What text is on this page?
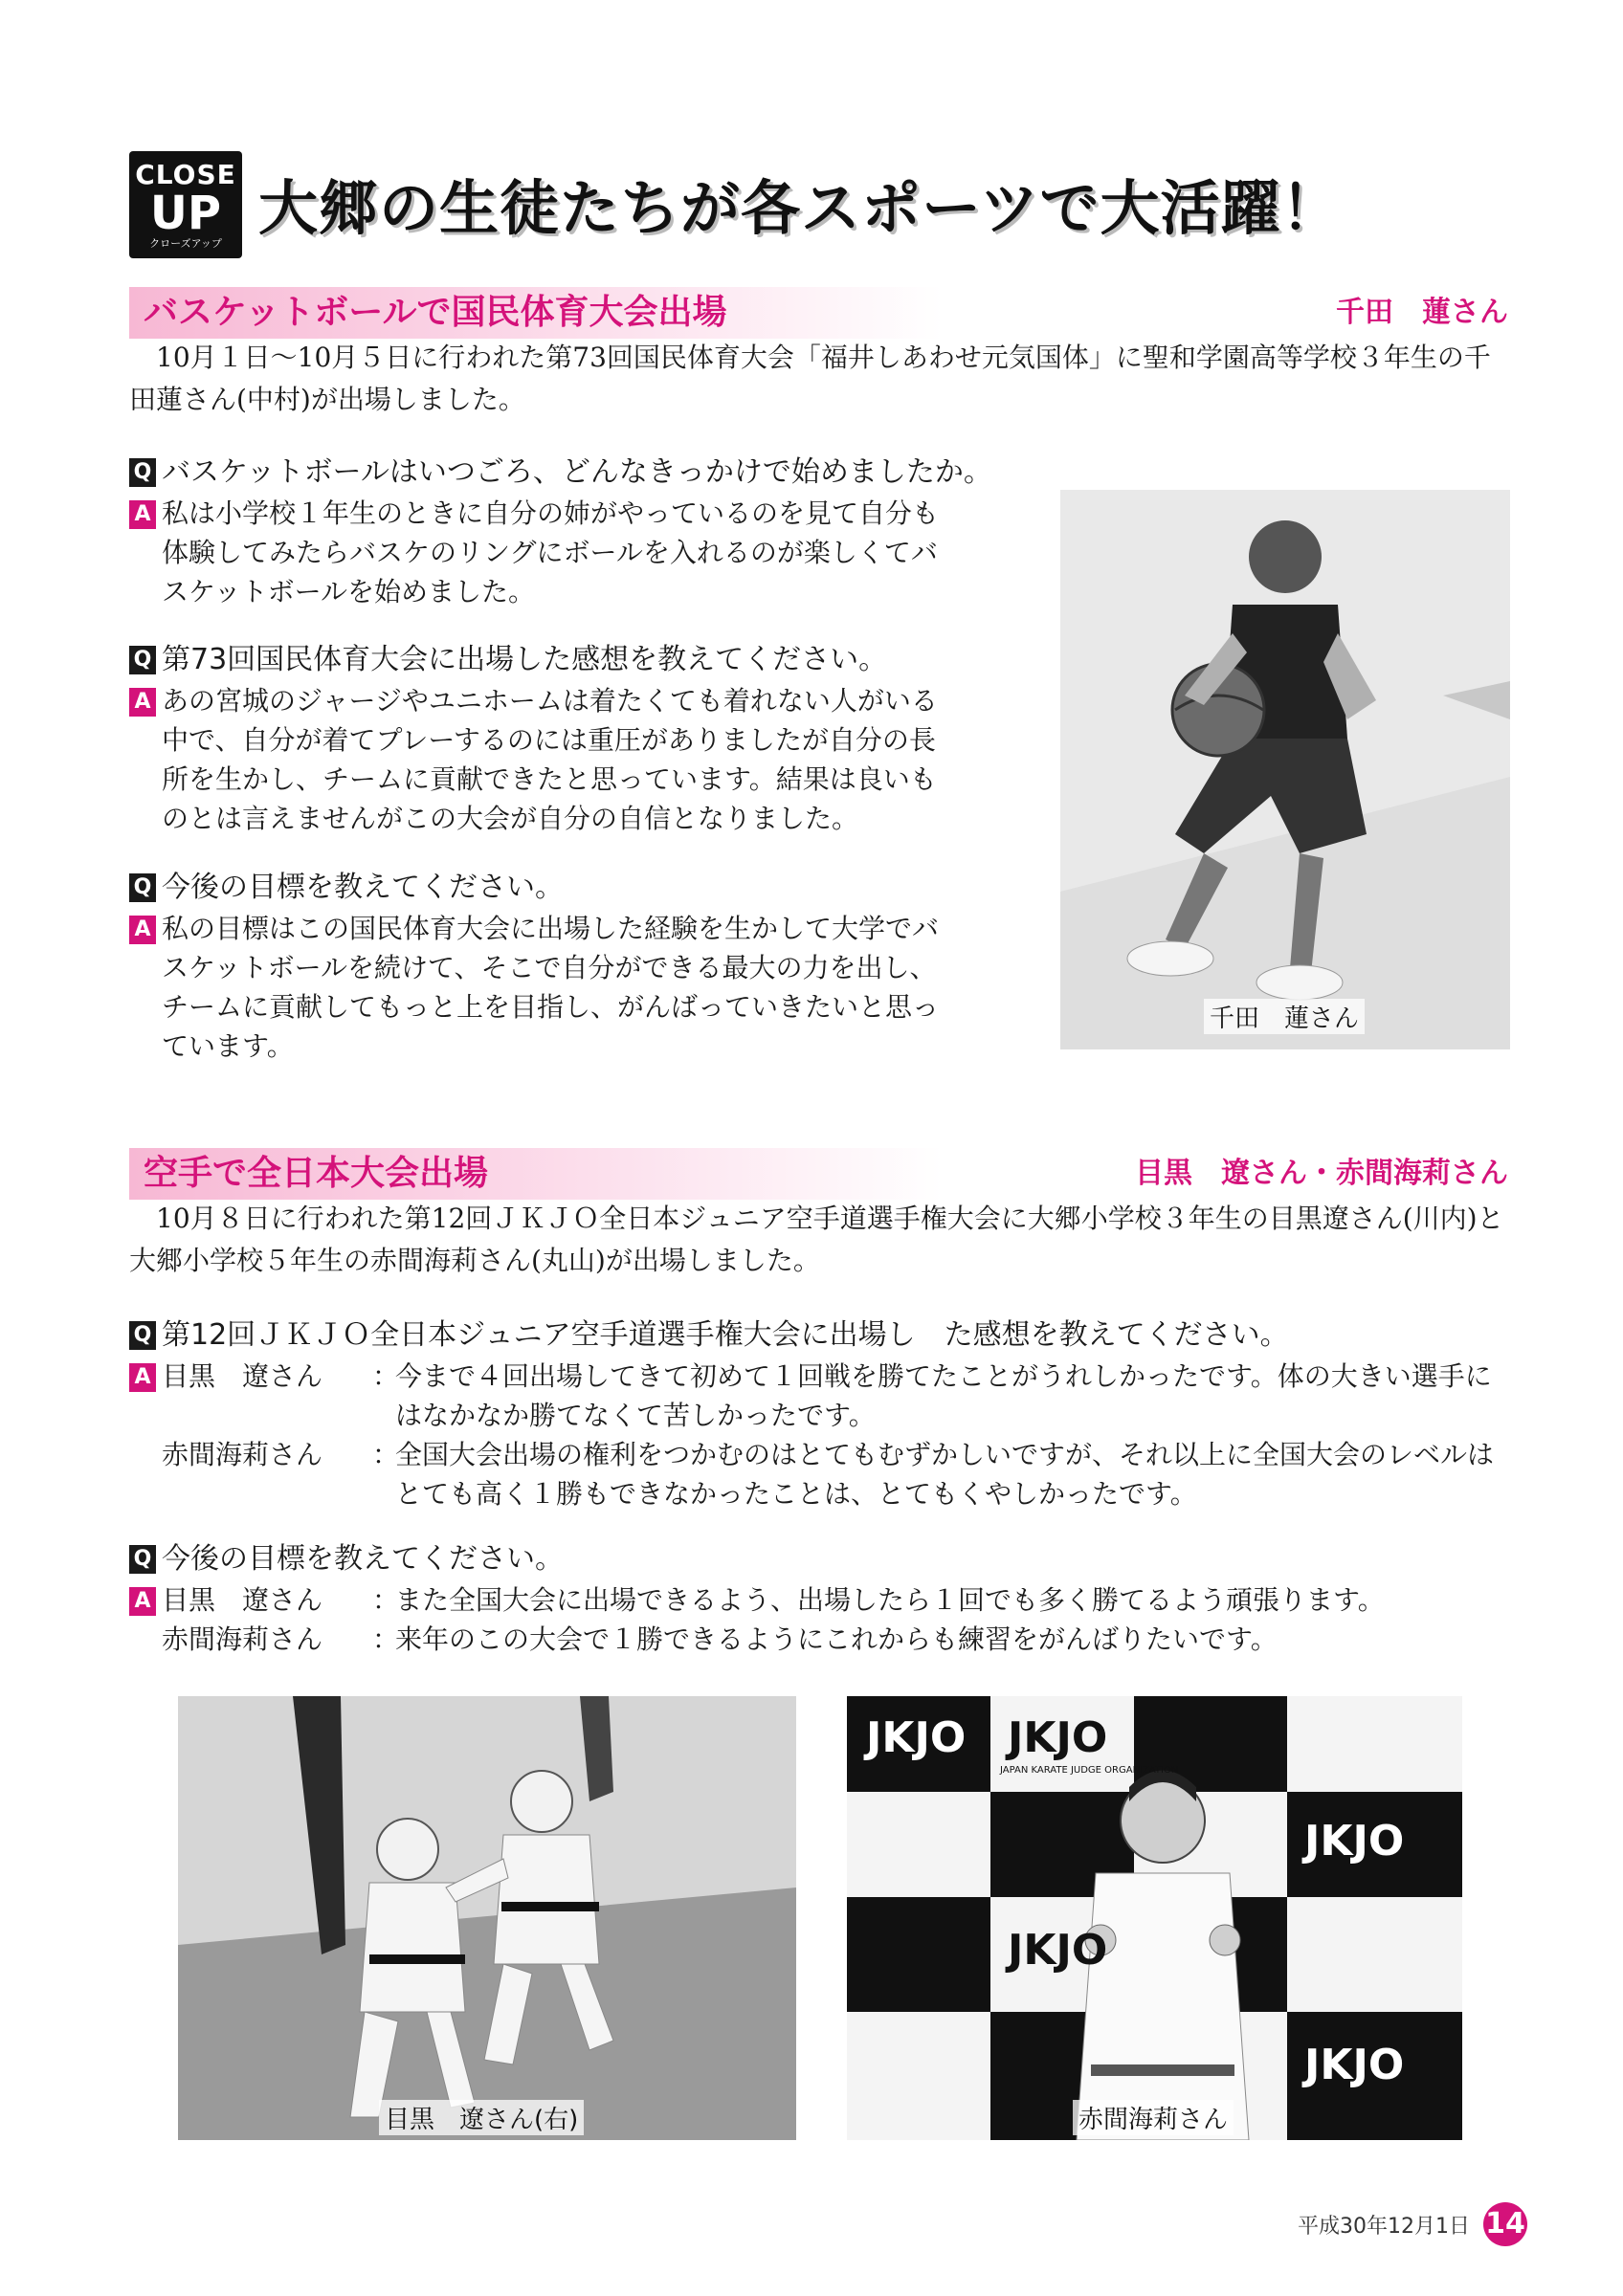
CLOSE
UP
クローズアップ
大郷の生徒たちが各スポーツで大活躍！
バスケットボールで国民体育大会出場	千田　蓮さん
10月１日～10月５日に行われた第73回国民体育大会「福井しあわせ元気国体」に聖和学園高等学校３年生の千田蓮さん(中村)が出場しました。
Q バスケットボールはいつごろ、どんなきっかけで始めましたか。
A 私は小学校１年生のときに自分の姉がやっているのを見て自分も
体験してみたらバスケのリングにボールを入れるのが楽しくてバ
スケットボールを始めました。
Q 第73回国民体育大会に出場した感想を教えてください。
A あの宮城のジャージやユニホームは着たくても着れない人がいる
中で、自分が着てプレーするのには重圧がありましたが自分の長
所を生かし、チームに貢献できたと思っています。結果は良いも
のとは言えませんがこの大会が自分の自信となりました。
Q 今後の目標を教えてください。
A 私の目標はこの国民体育大会に出場した経験を生かして大学でバ
スケットボールを続けて、そこで自分ができる最大の力を出し、
チームに貢献してもっと上を目指し、がんばっていきたいと思っ
ています。
千田　蓮さん
空手で全日本大会出場	目黒　遼さん・赤間海莉さん
10月８日に行われた第12回ＪＫＪＯ全日本ジュニア空手道選手権大会に大郷小学校３年生の目黒遼さん(川内)と大郷小学校５年生の赤間海莉さん(丸山)が出場しました。
Q 第12回ＪＫＪＯ全日本ジュニア空手道選手権大会に出場し　た感想を教えてください。
A 目黒　遼さん	：
今まで４回出場してきて初めて１回戦を勝てたことがうれしかったです。体の大きい選手にはなかなか勝てなくて苦しかったです。
赤間海莉さん	：
全国大会出場の権利をつかむのはとてもむずかしいですが、それ以上に全国大会のレベルはとても高く１勝もできなかったことは、とてもくやしかったです。
Q 今後の目標を教えてください。
A 目黒　遼さん	：
また全国大会に出場できるよう、出場したら１回でも多く勝てるよう頑張ります。
赤間海莉さん	：
来年のこの大会で１勝できるようにこれからも練習をがんばりたいです。
目黒　遼さん(右)
JKJO JKJO
JAPAN KARATE JUDGE ORGANIZATION
JKJO
JKJO
JKJO
赤間海莉さん
平成30年12月1日 14
